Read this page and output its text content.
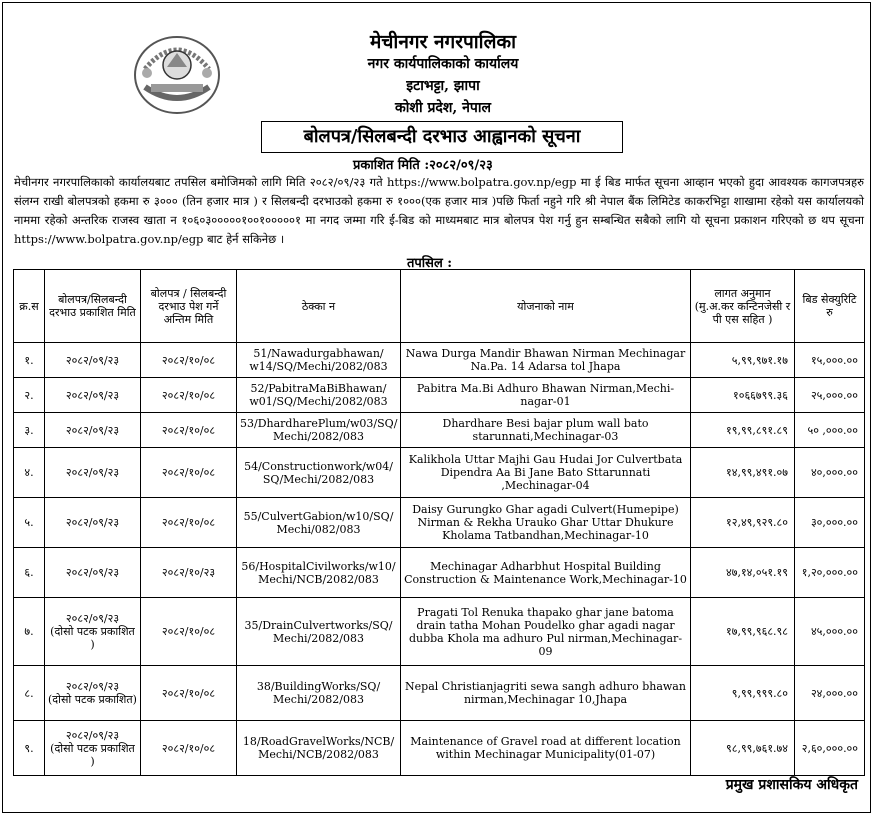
मेचीनगर नगरपालिका
नगर कार्यपालिकाको कार्यालय
इटाभट्टा, झापा
कोशी प्रदेश, नेपाल
बोलपत्र/सिलबन्दी दरभाउ आह्वानको सूचना
प्रकाशित मिति :२०८२/०९/२३
मेचीनगर नगरपालिकाको कार्यालयबाट तपसिल बमोजिमको लागि मिति २०८२/०९/२३ गते https://www.bolpatra.gov.np/egp मा ई बिड मार्फत सूचना आव्हान भएको हुदा आवश्यक कागजपत्रहरु संलग्न राखी बोलपत्रको हकमा रु ३००० (तिन हजार मात्र ) र सिलबन्दी दरभाउको हकमा रु १०००(एक हजार मात्र )पछि फिर्ता नहुने गरि श्री नेपाल बैंक लिमिटेड काकरभिट्टा शाखामा रहेको यस कार्यालयको नाममा रहेको अन्तरिक राजस्व खाता न १०६०३०००००१००१०००००१ मा नगद जम्मा गरि ई-बिड को माध्यमबाट मात्र बोलपत्र पेश गर्नु हुन सम्बन्धित सबैको लागि यो सूचना प्रकाशन गरिएको छ थप सूचना https://www.bolpatra.gov.np/egp बाट हेर्न सकिनेछ ।
तपसिल :
क्र.स	बोलपत्र/सिलबन्दी दरभाउ प्रकाशित मिति	बोलपत्र / सिलबन्दी दरभाउ पेश गर्ने अन्तिम मिति	ठेक्का न	योजनाको नाम	लागत अनुमान (मु.अ.कर कन्टिनजेसी र पी एस सहित )	बिड सेक्युरिटि रु
१.	२०८२/०९/२३	२०८२/१०/०८	51/Nawadurgabhawan/ w14/SQ/Mechi/2082/083	Nawa Durga Mandir Bhawan Nirman Mechinagar Na.Pa. 14 Adarsa tol Jhapa	५,९९,९७१.१७	१५,०००.००
२.	२०८२/०९/२३	२०८२/१०/०८	52/PabitraMaBiBhawan/ w01/SQ/Mechi/2082/083	Pabitra Ma.Bi Adhuro Bhawan Nirman,Mechi-nagar-01	१०६६७९९.३६	२५,०००.००
३.	२०८२/०९/२३	२०८२/१०/०८	53/DhardharePlum/w03/SQ/ Mechi/2082/083	Dhardhare Besi bajar plum wall bato starunnati,Mechinagar-03	१९,९९,८९१.८९	५० ,०००.००
४.	२०८२/०९/२३	२०८२/१०/०८	54/Constructionwork/w04/ SQ/Mechi/2082/083	Kalikhola Uttar Majhi Gau Hudai Jor Culvertbata Dipendra Aa Bi Jane Bato Sttarunnati ,Mechinagar-04	१४,९९,४९१.०७	४०,०००.००
५.	२०८२/०९/२३	२०८२/१०/०८	55/CulvertGabion/w10/SQ/ Mechi/082/083	Daisy Gurungko Ghar agadi Culvert(Humepipe) Nirman & Rekha Urauko Ghar Uttar Dhukure Kholama Tatbandhan,Mechinagar-10	१२,४९,९२९.८०	३०,०००.००
६.	२०८२/०९/२३	२०८२/१०/२३	56/HospitalCivilworks/w10/ Mechi/NCB/2082/083	Mechinagar Adharbhut Hospital Building Construction & Maintenance Work,Mechinagar-10	४७,१४,०५१.१९	१,२०,०००.००
७.	२०८२/०९/२३
(दोसो पटक प्रकाशित )	२०८२/१०/०८	35/DrainCulvertworks/SQ/ Mechi/2082/083	Pragati Tol Renuka thapako ghar jane batoma drain tatha Mohan Poudelko ghar agadi nagar dubba Khola ma adhuro Pul nirman,Mechinagar-09	१७,९९,९६८.९८	४५,०००.००
८.	२०८२/०९/२३
(दोसो पटक प्रकाशित)	२०८२/१०/०८	38/BuildingWorks/SQ/ Mechi/2082/083	Nepal Christianjagriti sewa sangh adhuro bhawan nirman,Mechinagar 10,Jhapa	९,९९,९९९.८०	२४,०००.००
९.	२०८२/०९/२३
(दोसो पटक प्रकाशित )	२०८२/१०/०८	18/RoadGravelWorks/NCB/ Mechi/NCB/2082/083	Maintenance of Gravel road at different location within Mechinagar Municipality(01-07)	९८,९९,७६१.७४	२,६०,०००.००
प्रमुख प्रशासकिय अधिकृत
